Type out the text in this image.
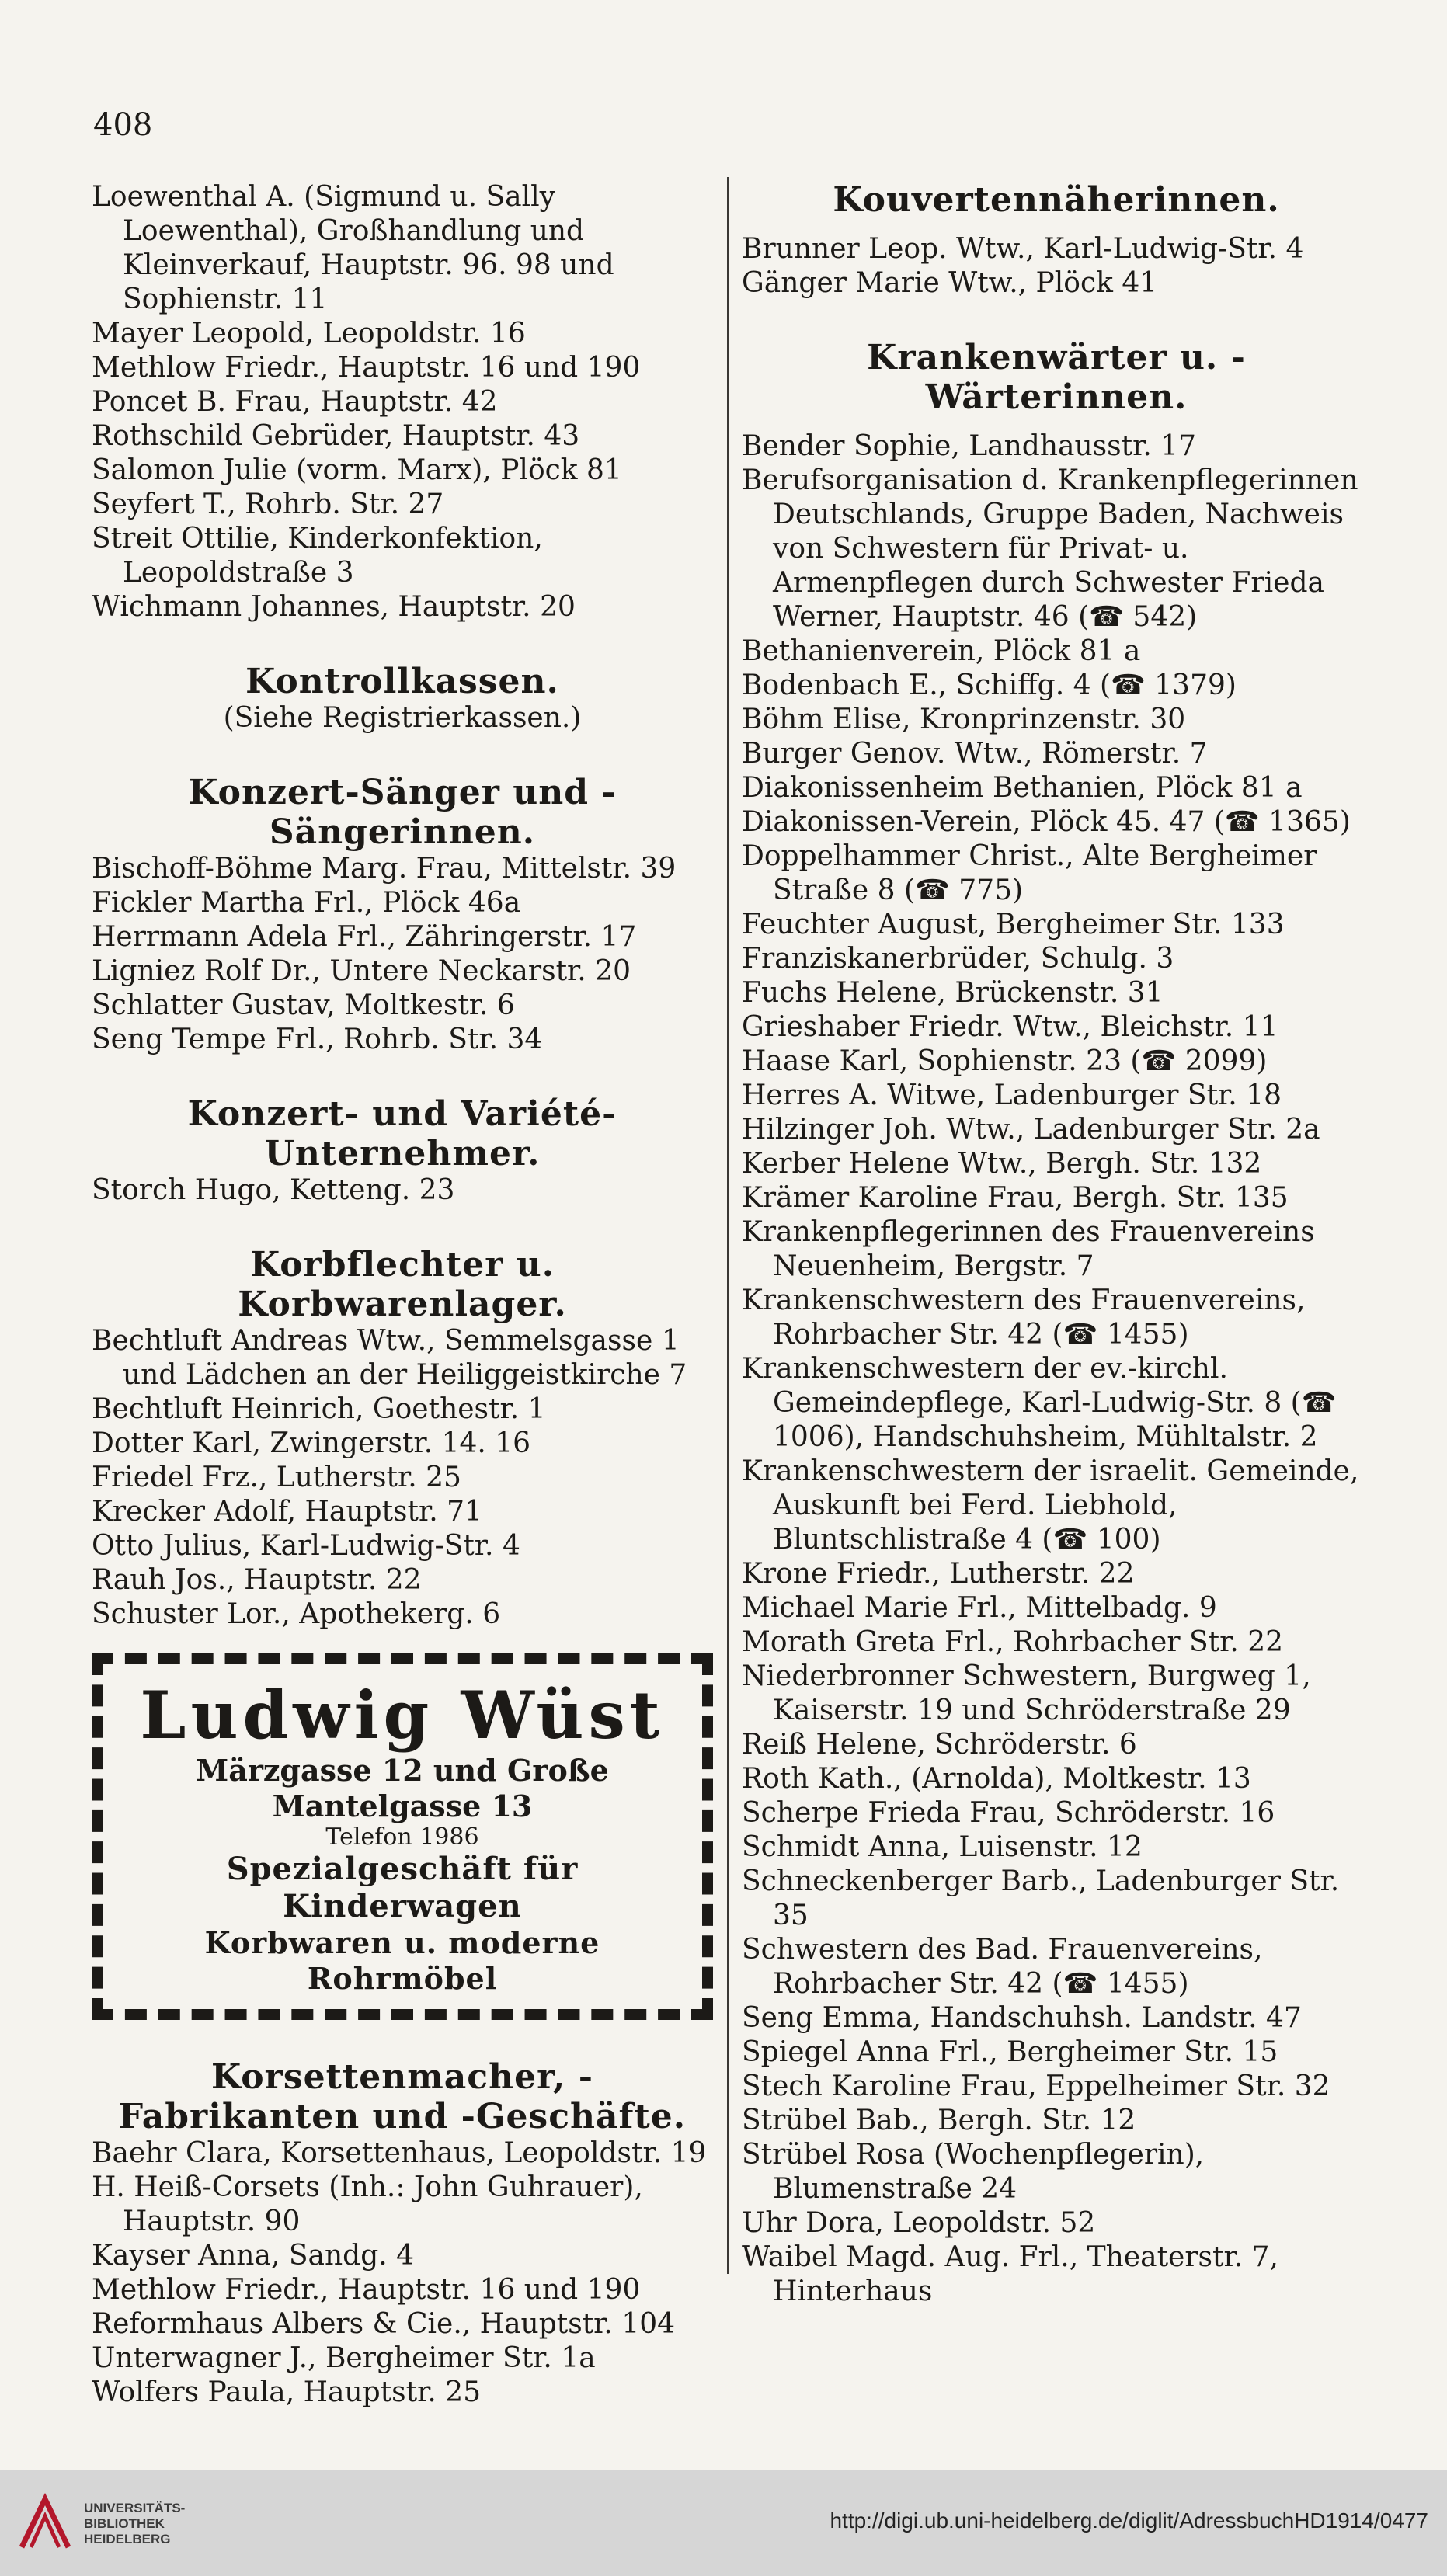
408
Loewenthal A. (Sigmund u. Sally Loewenthal), Großhandlung und Kleinverkauf, Hauptstr. 96. 98 und Sophienstr. 11
Mayer Leopold, Leopoldstr. 16
Methlow Friedr., Hauptstr. 16 und 190
Poncet B. Frau, Hauptstr. 42
Rothschild Gebrüder, Hauptstr. 43
Salomon Julie (vorm. Marx), Plöck 81
Seyfert T., Rohrb. Str. 27
Streit Ottilie, Kinderkonfektion, Leopoldstraße 3
Wichmann Johannes, Hauptstr. 20
Kontrollkassen.
(Siehe Registrierkassen.)
Konzert-Sänger und -Sängerinnen.
Bischoff-Böhme Marg. Frau, Mittelstr. 39
Fickler Martha Frl., Plöck 46a
Herrmann Adela Frl., Zähringerstr. 17
Ligniez Rolf Dr., Untere Neckarstr. 20
Schlatter Gustav, Moltkestr. 6
Seng Tempe Frl., Rohrb. Str. 34
Konzert- und Variété-Unternehmer.
Storch Hugo, Ketteng. 23
Korbflechter u. Korbwarenlager.
Bechtluft Andreas Wtw., Semmelsgasse 1 und Lädchen an der Heiliggeistkirche 7
Bechtluft Heinrich, Goethestr. 1
Dotter Karl, Zwingerstr. 14. 16
Friedel Frz., Lutherstr. 25
Krecker Adolf, Hauptstr. 71
Otto Julius, Karl-Ludwig-Str. 4
Rauh Jos., Hauptstr. 22
Schuster Lor., Apothekerg. 6
Ludwig Wüst
Märzgasse 12 und Große Mantelgasse 13
Telefon 1986
Spezialgeschäft für Kinderwagen
Korbwaren u. moderne Rohrmöbel
Korsettenmacher, -Fabrikanten und -Geschäfte.
Baehr Clara, Korsettenhaus, Leopoldstr. 19
H. Heiß-Corsets (Inh.: John Guhrauer), Hauptstr. 90
Kayser Anna, Sandg. 4
Methlow Friedr., Hauptstr. 16 und 190
Reformhaus Albers & Cie., Hauptstr. 104
Unterwagner J., Bergheimer Str. 1a
Wolfers Paula, Hauptstr. 25
Kouvertennäherinnen.
Brunner Leop. Wtw., Karl-Ludwig-Str. 4
Gänger Marie Wtw., Plöck 41
Krankenwärter u. -Wärterinnen.
Bender Sophie, Landhausstr. 17
Berufsorganisation d. Krankenpflegerinnen Deutschlands, Gruppe Baden, Nachweis von Schwestern für Privat- u. Armenpflegen durch Schwester Frieda Werner, Hauptstr. 46 (☎ 542)
Bethanienverein, Plöck 81 a
Bodenbach E., Schiffg. 4 (☎ 1379)
Böhm Elise, Kronprinzenstr. 30
Burger Genov. Wtw., Römerstr. 7
Diakonissenheim Bethanien, Plöck 81 a
Diakonissen-Verein, Plöck 45. 47 (☎ 1365)
Doppelhammer Christ., Alte Bergheimer Straße 8 (☎ 775)
Feuchter August, Bergheimer Str. 133
Franziskanerbrüder, Schulg. 3
Fuchs Helene, Brückenstr. 31
Grieshaber Friedr. Wtw., Bleichstr. 11
Haase Karl, Sophienstr. 23 (☎ 2099)
Herres A. Witwe, Ladenburger Str. 18
Hilzinger Joh. Wtw., Ladenburger Str. 2a
Kerber Helene Wtw., Bergh. Str. 132
Krämer Karoline Frau, Bergh. Str. 135
Krankenpflegerinnen des Frauenvereins Neuenheim, Bergstr. 7
Krankenschwestern des Frauenvereins, Rohrbacher Str. 42 (☎ 1455)
Krankenschwestern der ev.-kirchl. Gemeindepflege, Karl-Ludwig-Str. 8 (☎ 1006), Handschuhsheim, Mühltalstr. 2
Krankenschwestern der israelit. Gemeinde, Auskunft bei Ferd. Liebhold, Bluntschlistraße 4 (☎ 100)
Krone Friedr., Lutherstr. 22
Michael Marie Frl., Mittelbadg. 9
Morath Greta Frl., Rohrbacher Str. 22
Niederbronner Schwestern, Burgweg 1, Kaiserstr. 19 und Schröderstraße 29
Reiß Helene, Schröderstr. 6
Roth Kath., (Arnolda), Moltkestr. 13
Scherpe Frieda Frau, Schröderstr. 16
Schmidt Anna, Luisenstr. 12
Schneckenberger Barb., Ladenburger Str. 35
Schwestern des Bad. Frauenvereins, Rohrbacher Str. 42 (☎ 1455)
Seng Emma, Handschuhsh. Landstr. 47
Spiegel Anna Frl., Bergheimer Str. 15
Stech Karoline Frau, Eppelheimer Str. 32
Strübel Bab., Bergh. Str. 12
Strübel Rosa (Wochenpflegerin), Blumenstraße 24
Uhr Dora, Leopoldstr. 52
Waibel Magd. Aug. Frl., Theaterstr. 7, Hinterhaus
UNIVERSITÄTS-
BIBLIOTHEK
HEIDELBERG
http://digi.ub.uni-heidelberg.de/diglit/AdressbuchHD1914/0477
